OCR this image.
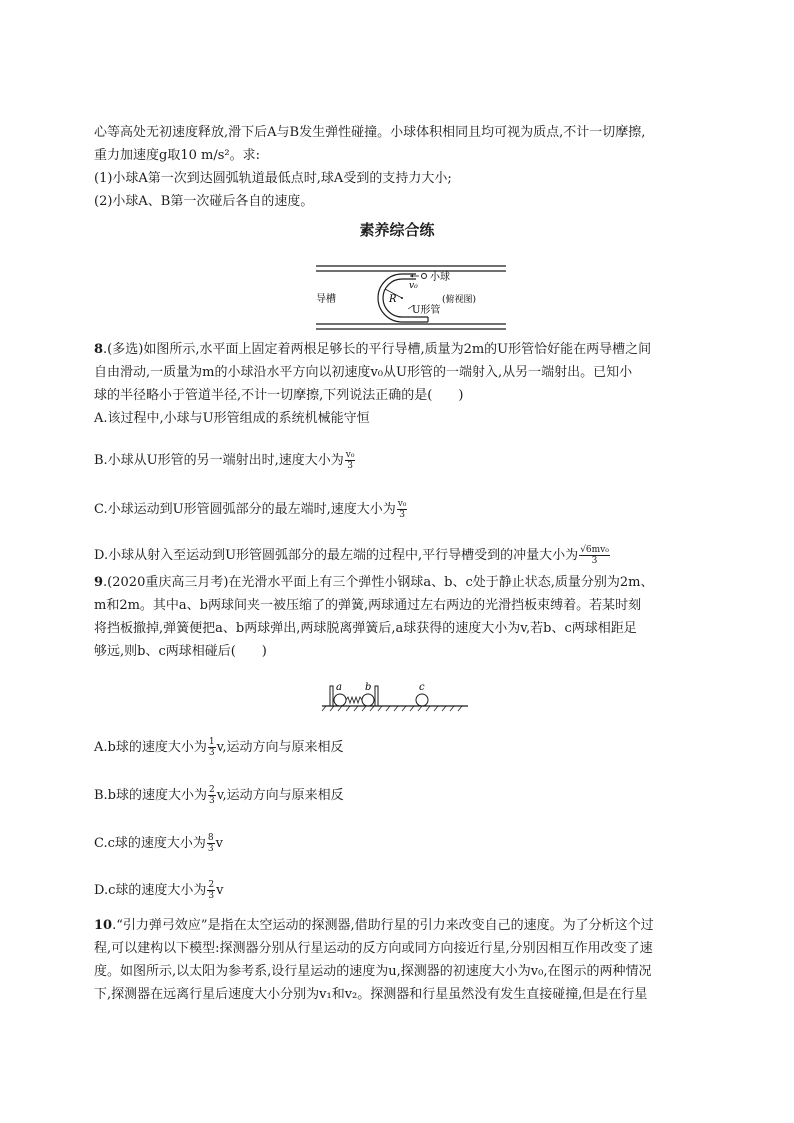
心等高处无初速度释放,滑下后A与B发生弹性碰撞。小球体积相同且均可视为质点,不计一切摩擦,
重力加速度g取10 m/s²。求:
(1)小球A第一次到达圆弧轨道最低点时,球A受到的支持力大小;
(2)小球A、B第一次碰后各自的速度。
素养综合练
导槽	R
v₀
小球
(俯视图)
U形管
8.(多选)如图所示,水平面上固定着两根足够长的平行导槽,质量为2m的U形管恰好能在两导槽之间
自由滑动,一质量为m的小球沿水平方向以初速度v₀从U形管的一端射入,从另一端射出。已知小
球的半径略小于管道半径,不计一切摩擦,下列说法正确的是(　　)
A.该过程中,小球与U形管组成的系统机械能守恒
B.小球从U形管的另一端射出时,速度大小为 $\frac{\text{v₀}}{3}$
C.小球运动到U形管圆弧部分的最左端时,速度大小为 $\frac{\text{v₀}}{3}$
D.小球从射入至运动到U形管圆弧部分的最左端的过程中,平行导槽受到的冲量大小为 $\frac{\text{√6mv₀}}{3}$
9.(2020重庆高三月考)在光滑水平面上有三个弹性小钢球a、b、c处于静止状态,质量分别为2m、
m和2m。其中a、b两球间夹一被压缩了的弹簧,两球通过左右两边的光滑挡板束缚着。若某时刻
将挡板撤掉,弹簧便把a、b两球弹出,两球脱离弹簧后,a球获得的速度大小为v,若b、c两球相距足
够远,则b、c两球相碰后(　　)
a b	c
A.b球的速度大小为 $\frac{1}{3} v$,运动方向与原来相反
B.b球的速度大小为 $\frac{2}{3} v$,运动方向与原来相反
C.c球的速度大小为 $\frac{8}{3}$ v
D.c球的速度大小为 $\frac{2}{3}$ v
10.“引力弹弓效应”是指在太空运动的探测器,借助行星的引力来改变自己的速度。为了分析这个过
程,可以建构以下模型:探测器分别从行星运动的反方向或同方向接近行星,分别因相互作用改变了速
度。如图所示,以太阳为参考系,设行星运动的速度为u,探测器的初速度大小为v₀,在图示的两种情况
下,探测器在远离行星后速度大小分别为v₁和v₂。探测器和行星虽然没有发生直接碰撞,但是在行星
